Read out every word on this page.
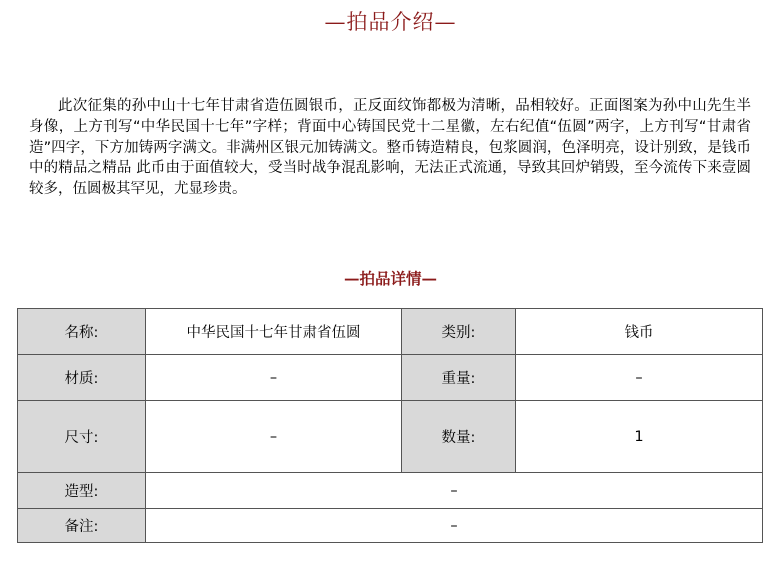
—拍品介绍—
此次征集的孙中山十七年甘肃省造伍圆银币，正反面纹饰都极为清晰，品相较好。正面图案为孙中山先生半身像，上方刊写“中华民国十七年”字样；背面中心铸国民党十二星徽，左右纪值“伍圆”两字，上方刊写“甘肃省造”四字，下方加铸两字满文。非满州区银元加铸满文。整币铸造精良，包浆圆润，色泽明亮，设计别致，是钱币中的精品之精品 此币由于面值较大，受当时战争混乱影响，无法正式流通，导致其回炉销毁，至今流传下来壹圆较多，伍圆极其罕见，尤显珍贵。
—拍品详情—
名称:	中华民国十七年甘肃省伍圆	类别:	钱币
材质:	–	重量:	–
尺寸:	–	数量:	1
造型:	–		
备注:	–		
